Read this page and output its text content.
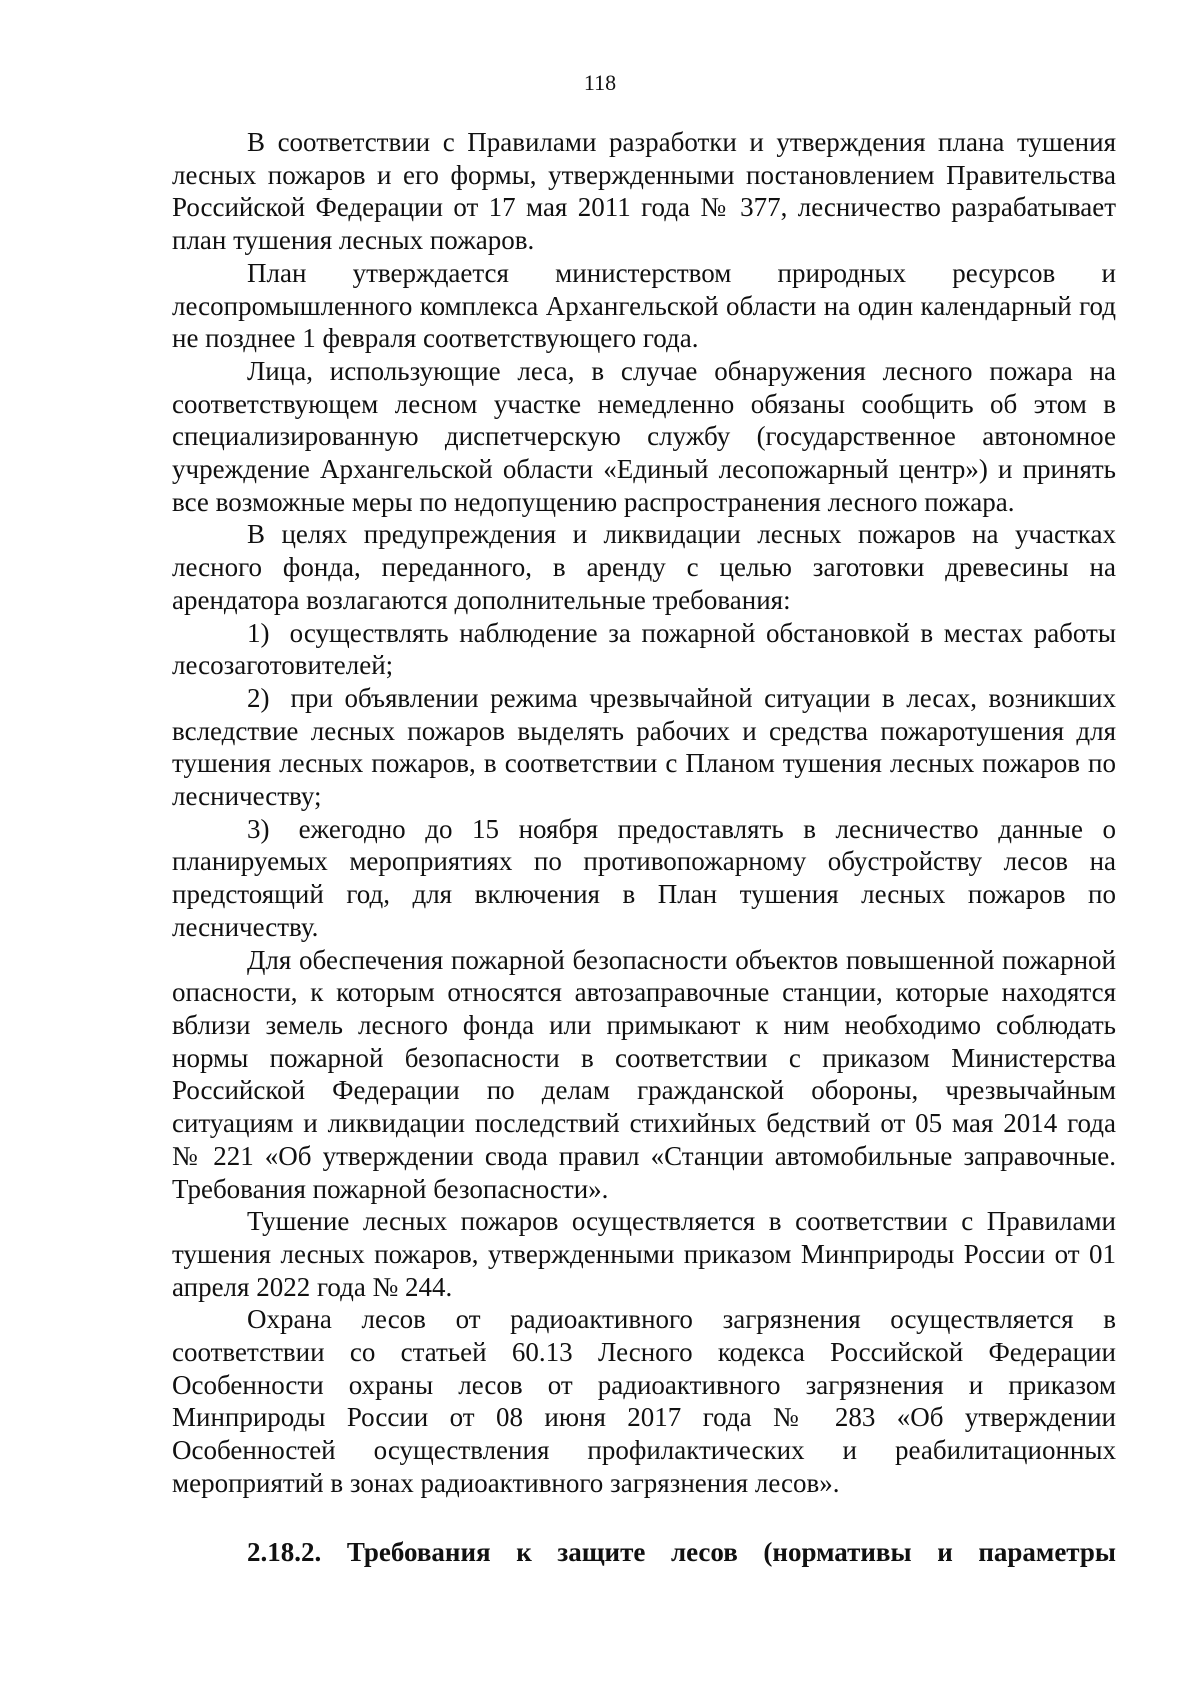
118

В соответствии с Правилами разработки и утверждения плана тушения лесных пожаров и его формы, утвержденными постановлением Правительства Российской Федерации от 17 мая 2011 года № 377, лесничество разрабатывает план тушения лесных пожаров.

План утверждается министерством природных ресурсов и лесопромышленного комплекса Архангельской области на один календарный год не позднее 1 февраля соответствующего года.

Лица, использующие леса, в случае обнаружения лесного пожара на соответствующем лесном участке немедленно обязаны сообщить об этом в специализированную диспетчерскую службу (государственное автономное учреждение Архангельской области «Единый лесопожарный центр») и принять все возможные меры по недопущению распространения лесного пожара.

В целях предупреждения и ликвидации лесных пожаров на участках лесного фонда, переданного, в аренду с целью заготовки древесины на арендатора возлагаются дополнительные требования:

1) осуществлять наблюдение за пожарной обстановкой в местах работы лесозаготовителей;

2) при объявлении режима чрезвычайной ситуации в лесах, возникших вследствие лесных пожаров выделять рабочих и средства пожаротушения для тушения лесных пожаров, в соответствии с Планом тушения лесных пожаров по лесничеству;

3) ежегодно до 15 ноября предоставлять в лесничество данные о планируемых мероприятиях по противопожарному обустройству лесов на предстоящий год, для включения в План тушения лесных пожаров по лесничеству.

Для обеспечения пожарной безопасности объектов повышенной пожарной опасности, к которым относятся автозаправочные станции, которые находятся вблизи земель лесного фонда или примыкают к ним необходимо соблюдать нормы пожарной безопасности в соответствии с приказом Министерства Российской Федерации по делам гражданской обороны, чрезвычайным ситуациям и ликвидации последствий стихийных бедствий от 05 мая 2014 года № 221 «Об утверждении свода правил «Станции автомобильные заправочные. Требования пожарной безопасности».

Тушение лесных пожаров осуществляется в соответствии с Правилами тушения лесных пожаров, утвержденными приказом Минприроды России от 01 апреля 2022 года № 244.

Охрана лесов от радиоактивного загрязнения осуществляется в соответствии со статьей 60.13 Лесного кодекса Российской Федерации Особенности охраны лесов от радиоактивного загрязнения и приказом Минприроды России от 08 июня 2017 года № 283 «Об утверждении Особенностей осуществления профилактических и реабилитационных мероприятий в зонах радиоактивного загрязнения лесов».

2.18.2. Требования к защите лесов (нормативы и параметры
